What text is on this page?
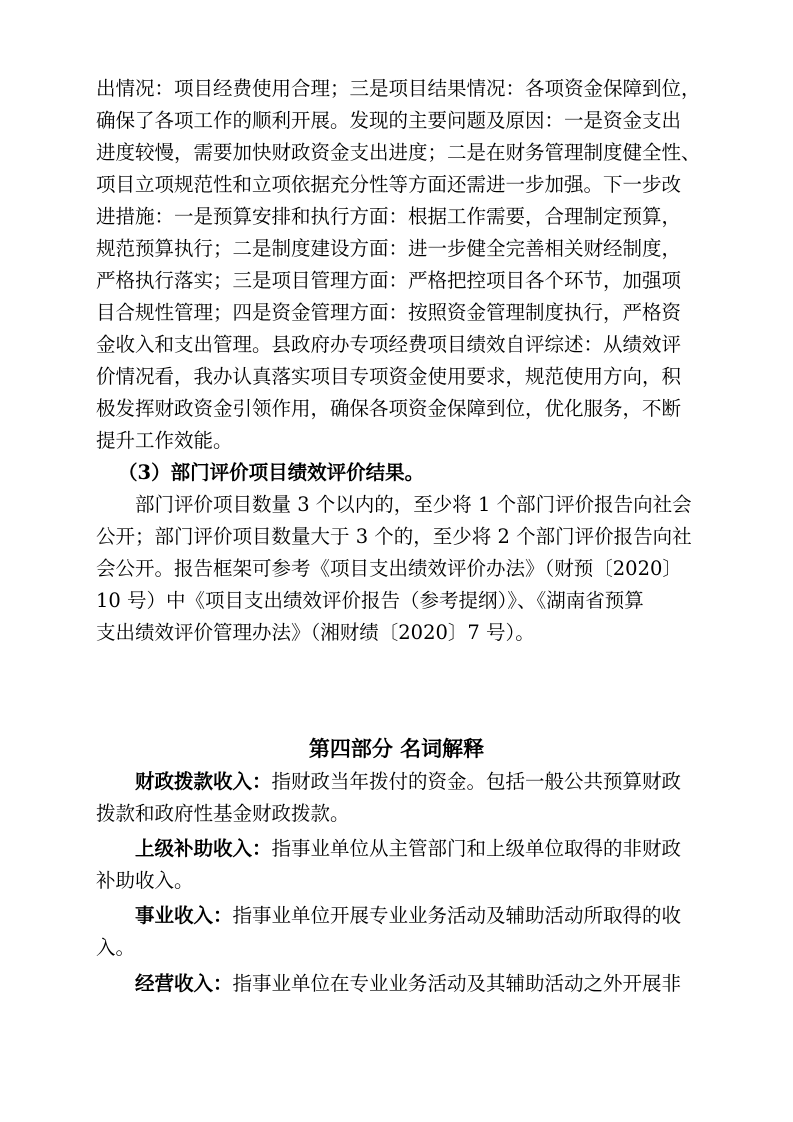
出情况：项目经费使用合理；三是项目结果情况：各项资金保障到位，
确保了各项工作的顺利开展。发现的主要问题及原因：一是资金支出
进度较慢，需要加快财政资金支出进度；二是在财务管理制度健全性、
项目立项规范性和立项依据充分性等方面还需进一步加强。下一步改
进措施：一是预算安排和执行方面：根据工作需要，合理制定预算，
规范预算执行；二是制度建设方面：进一步健全完善相关财经制度，
严格执行落实；三是项目管理方面：严格把控项目各个环节，加强项
目合规性管理；四是资金管理方面：按照资金管理制度执行，严格资
金收入和支出管理。县政府办专项经费项目绩效自评综述：从绩效评
价情况看，我办认真落实项目专项资金使用要求，规范使用方向，积
极发挥财政资金引领作用，确保各项资金保障到位，优化服务，不断
提升工作效能。
（3）部门评价项目绩效评价结果。
部门评价项目数量 3 个以内的，至少将 1 个部门评价报告向社会
公开；部门评价项目数量大于 3 个的，至少将 2 个部门评价报告向社
会公开。报告框架可参考《项目支出绩效评价办法》（财预〔2020〕
10 号）中《项目支出绩效评价报告（参考提纲）》、《湖南省预算
支出绩效评价管理办法》（湘财绩〔2020〕7 号）。
第四部分 名词解释
财政拨款收入：指财政当年拨付的资金。包括一般公共预算财政
拨款和政府性基金财政拨款。
上级补助收入：指事业单位从主管部门和上级单位取得的非财政
补助收入。
事业收入：指事业单位开展专业业务活动及辅助活动所取得的收
入。
经营收入：指事业单位在专业业务活动及其辅助活动之外开展非
